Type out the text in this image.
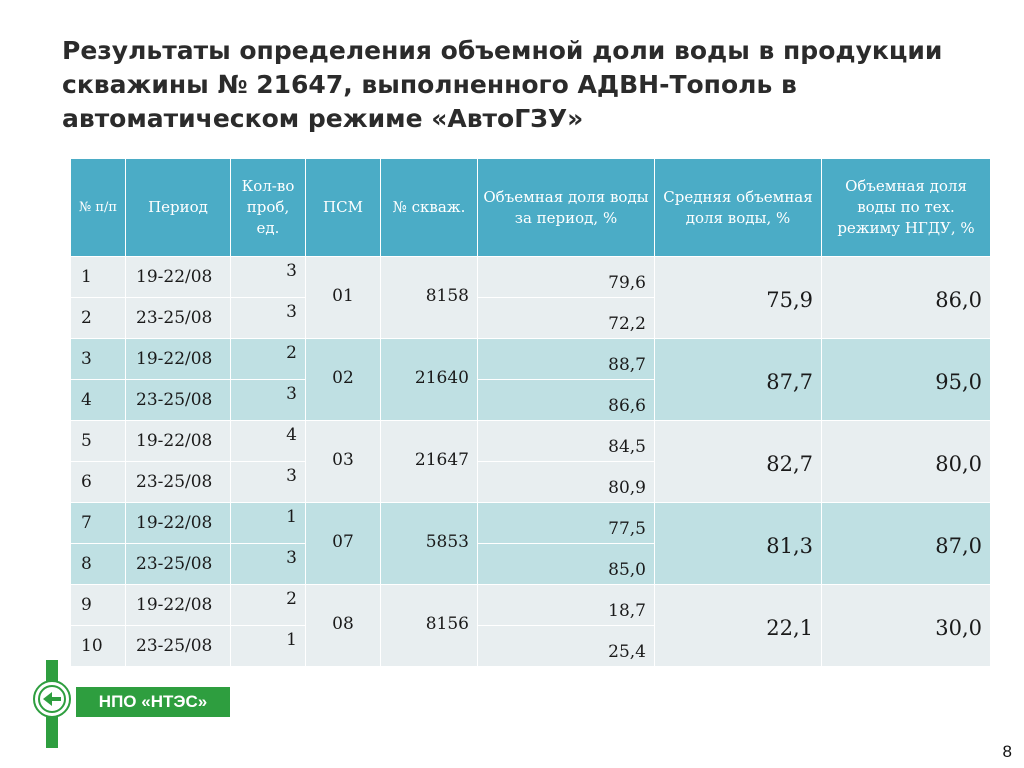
Результаты определения объемной доли воды в продукции
скважины № 21647, выполненного АДВН-Тополь в
автоматическом режиме «АвтоГЗУ»
№ п/п	Период	Кол-во проб, ед.	ПСМ	№ скваж.	Объемная доля воды за период, %	Средняя объемная доля воды, %	Объемная доля воды по тех. режиму НГДУ, %
1	19-22/08	3	01	8158	79,6	75,9	86,0
2	23-25/08	3			72,2		
3	19-22/08	2	02	21640	88,7	87,7	95,0
4	23-25/08	3			86,6		
5	19-22/08	4	03	21647	84,5	82,7	80,0
6	23-25/08	3			80,9		
7	19-22/08	1	07	5853	77,5	81,3	87,0
8	23-25/08	3			85,0		
9	19-22/08	2	08	8156	18,7	22,1	30,0
10	23-25/08	1			25,4		

НПО «НТЭС»

8
